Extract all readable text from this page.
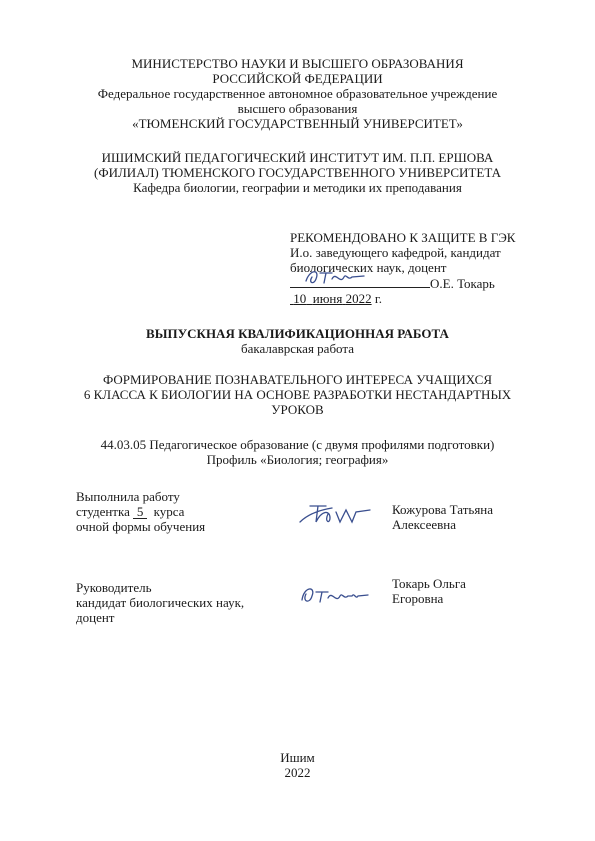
МИНИСТЕРСТВО НАУКИ И ВЫСШЕГО ОБРАЗОВАНИЯ
РОССИЙСКОЙ ФЕДЕРАЦИИ
Федеральное государственное автономное образовательное учреждение
высшего образования
«ТЮМЕНСКИЙ ГОСУДАРСТВЕННЫЙ УНИВЕРСИТЕТ»
ИШИМСКИЙ ПЕДАГОГИЧЕСКИЙ ИНСТИТУТ ИМ. П.П. ЕРШОВА
(ФИЛИАЛ) ТЮМЕНСКОГО ГОСУДАРСТВЕННОГО УНИВЕРСИТЕТА
Кафедра биологии, географии и методики их преподавания
РЕКОМЕНДОВАНО К ЗАЩИТЕ В ГЭК
И.о. заведующего кафедрой, кандидат
биологических наук, доцент
О.Е. Токарь
10 июня 2022 г.
ВЫПУСКНАЯ КВАЛИФИКАЦИОННАЯ РАБОТА
бакалаврская работа
ФОРМИРОВАНИЕ ПОЗНАВАТЕЛЬНОГО ИНТЕРЕСА УЧАЩИХСЯ
6 КЛАССА К БИОЛОГИИ НА ОСНОВЕ РАЗРАБОТКИ НЕСТАНДАРТНЫХ
УРОКОВ
44.03.05 Педагогическое образование (с двумя профилями подготовки)
Профиль «Биология; география»
Выполнила работу
студентка 5 курса
очной формы обучения
Кожурова Татьяна
Алексеевна
Руководитель
кандидат биологических наук,
доцент
Токарь Ольга
Егоровна
Ишим
2022
